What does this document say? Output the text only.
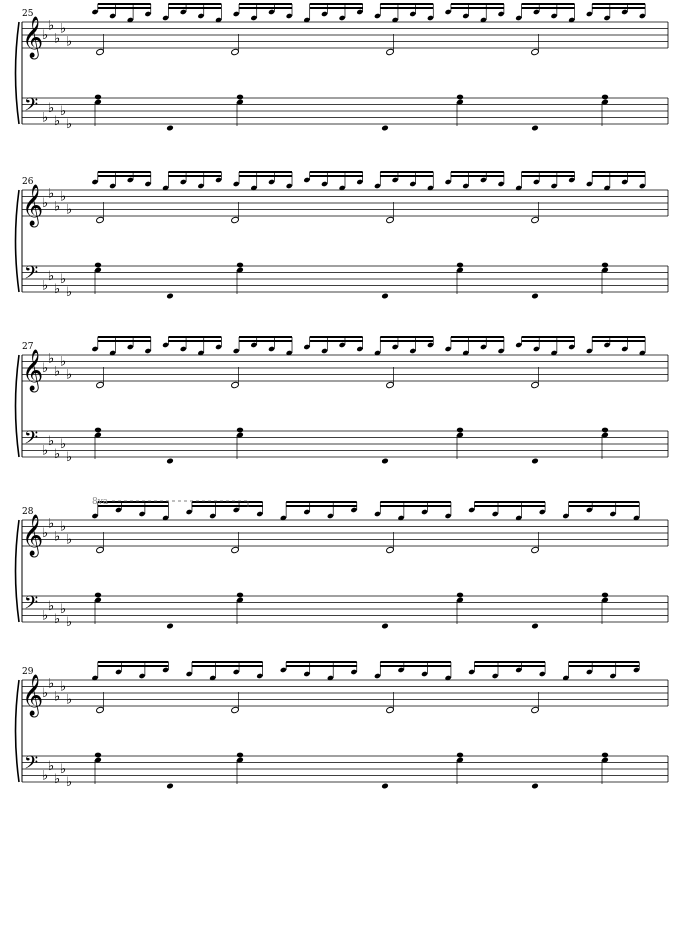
25
𝄞
𝄢
♭
♭
♭
♭
♭
♭
♭
♭
♭
♭
26
𝄞
𝄢
♭
♭
♭
♭
♭
♭
♭
♭
♭
♭
27
𝄞
𝄢
♭
♭
♭
♭
♭
♭
♭
♭
♭
♭
28
𝄞
𝄢
♭
♭
♭
♭
♭
♭
♭
♭
♭
♭
8va
29
𝄞
𝄢
♭
♭
♭
♭
♭
♭
♭
♭
♭
♭
